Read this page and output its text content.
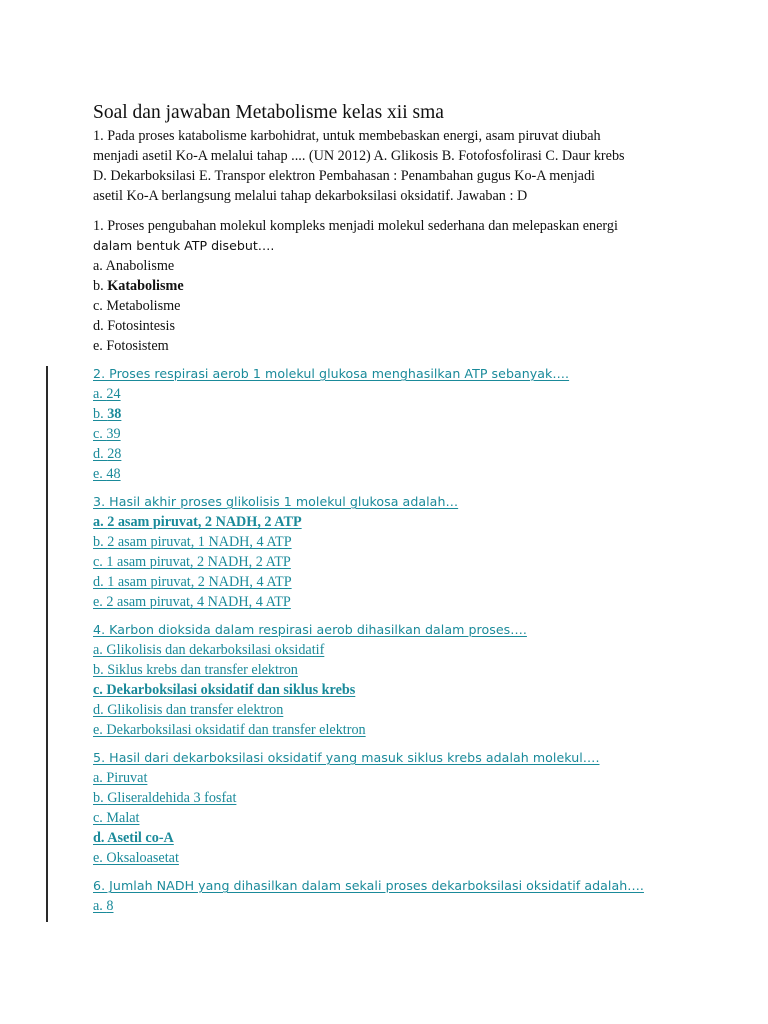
Soal dan jawaban Metabolisme kelas xii sma
1. Pada proses katabolisme karbohidrat, untuk membebaskan energi, asam piruvat diubah
menjadi asetil Ko-A melalui tahap .... (UN 2012) A. Glikosis B. Fotofosfolirasi C. Daur krebs
D. Dekarboksilasi E. Transpor elektron Pembahasan : Penambahan gugus Ko-A menjadi
asetil Ko-A berlangsung melalui tahap dekarboksilasi oksidatif. Jawaban : D
1. Proses pengubahan molekul kompleks menjadi molekul sederhana dan melepaskan energi
dalam bentuk ATP disebut….
a. Anabolisme
b. Katabolisme
c. Metabolisme
d. Fotosintesis
e. Fotosistem
2. Proses respirasi aerob 1 molekul glukosa menghasilkan ATP sebanyak….
a. 24
b. 38
c. 39
d. 28
e. 48
3. Hasil akhir proses glikolisis 1 molekul glukosa adalah…
a. 2 asam piruvat, 2 NADH, 2 ATP
b. 2 asam piruvat, 1 NADH, 4 ATP
c. 1 asam piruvat, 2 NADH, 2 ATP
d. 1 asam piruvat, 2 NADH, 4 ATP
e. 2 asam piruvat, 4 NADH, 4 ATP
4. Karbon dioksida dalam respirasi aerob dihasilkan dalam proses….
a. Glikolisis dan dekarboksilasi oksidatif
b. Siklus krebs dan transfer elektron
c. Dekarboksilasi oksidatif dan siklus krebs
d. Glikolisis dan transfer elektron
e. Dekarboksilasi oksidatif dan transfer elektron
5. Hasil dari dekarboksilasi oksidatif yang masuk siklus krebs adalah molekul….
a. Piruvat
b. Gliseraldehida 3 fosfat
c. Malat
d. Asetil co-A
e. Oksaloasetat
6. Jumlah NADH yang dihasilkan dalam sekali proses dekarboksilasi oksidatif adalah….
a. 8
